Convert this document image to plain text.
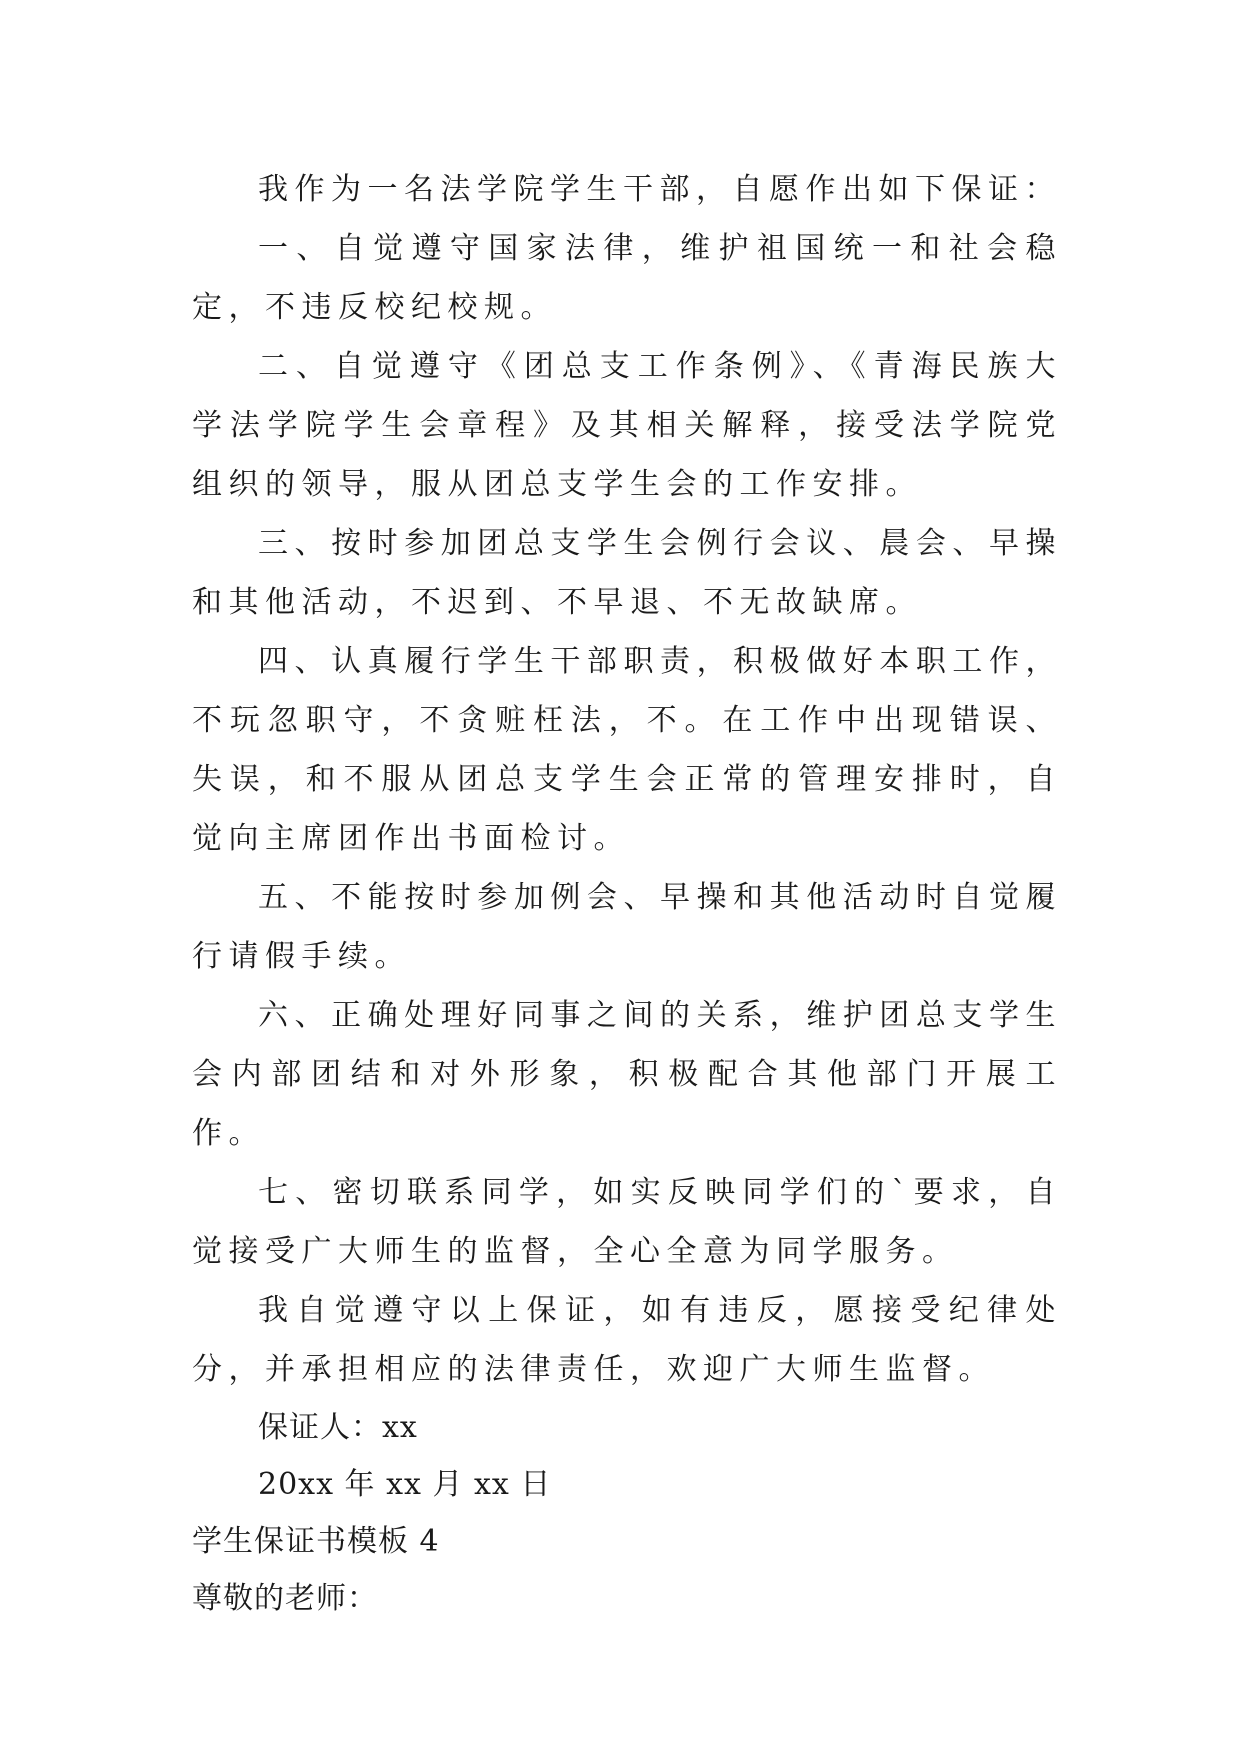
我作为一名法学院学生干部，自愿作出如下保证：

一、自觉遵守国家法律，维护祖国统一和社会稳定，不违反校纪校规。

二、自觉遵守《团总支工作条例》、《青海民族大学法学院学生会章程》及其相关解释，接受法学院党组织的领导，服从团总支学生会的工作安排。

三、按时参加团总支学生会例行会议、晨会、早操和其他活动，不迟到、不早退、不无故缺席。

四、认真履行学生干部职责，积极做好本职工作，不玩忽职守，不贪赃枉法，不。在工作中出现错误、失误，和不服从团总支学生会正常的管理安排时，自觉向主席团作出书面检讨。

五、不能按时参加例会、早操和其他活动时自觉履行请假手续。

六、正确处理好同事之间的关系，维护团总支学生会内部团结和对外形象，积极配合其他部门开展工作。

七、密切联系同学，如实反映同学们的`要求，自觉接受广大师生的监督，全心全意为同学服务。

我自觉遵守以上保证，如有违反，愿接受纪律处分，并承担相应的法律责任，欢迎广大师生监督。

保证人：xx

20xx 年 xx 月 xx 日

学生保证书模板 4

尊敬的老师：
